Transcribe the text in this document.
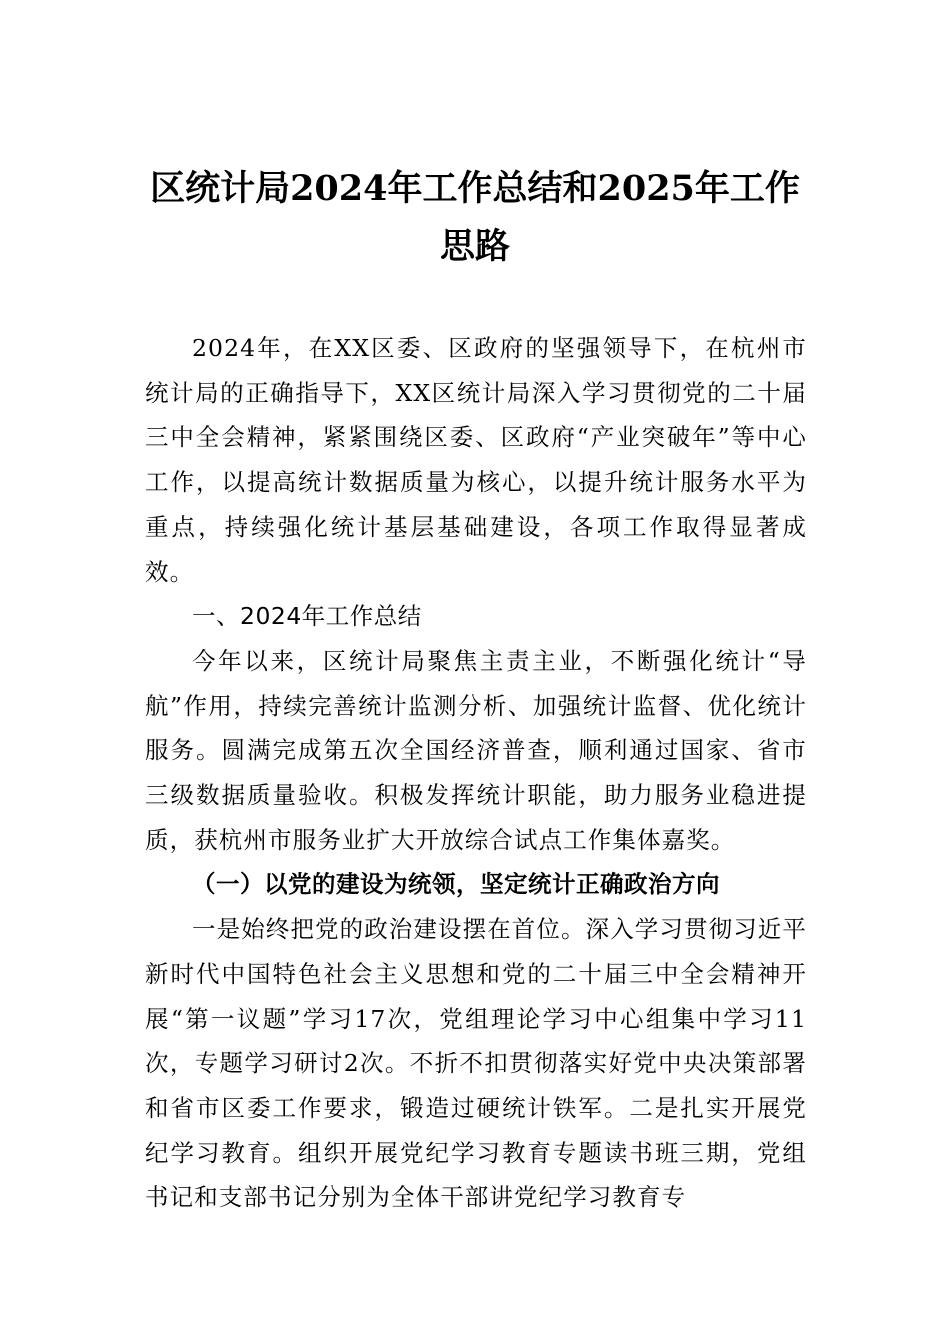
区统计局2024年工作总结和2025年工作思路

2024年，在XX区委、区政府的坚强领导下，在杭州市统计局的正确指导下，XX区统计局深入学习贯彻党的二十届三中全会精神，紧紧围绕区委、区政府“产业突破年”等中心工作，以提高统计数据质量为核心，以提升统计服务水平为重点，持续强化统计基层基础建设，各项工作取得显著成效。

一、2024年工作总结

今年以来，区统计局聚焦主责主业，不断强化统计“导航”作用，持续完善统计监测分析、加强统计监督、优化统计服务。圆满完成第五次全国经济普查，顺利通过国家、省市三级数据质量验收。积极发挥统计职能，助力服务业稳进提质，获杭州市服务业扩大开放综合试点工作集体嘉奖。

（一）以党的建设为统领，坚定统计正确政治方向

一是始终把党的政治建设摆在首位。深入学习贯彻习近平新时代中国特色社会主义思想和党的二十届三中全会精神开展“第一议题”学习17次，党组理论学习中心组集中学习11次，专题学习研讨2次。不折不扣贯彻落实好党中央决策部署和省市区委工作要求，锻造过硬统计铁军。二是扎实开展党纪学习教育。组织开展党纪学习教育专题读书班三期，党组书记和支部书记分别为全体干部讲党纪学习教育专
